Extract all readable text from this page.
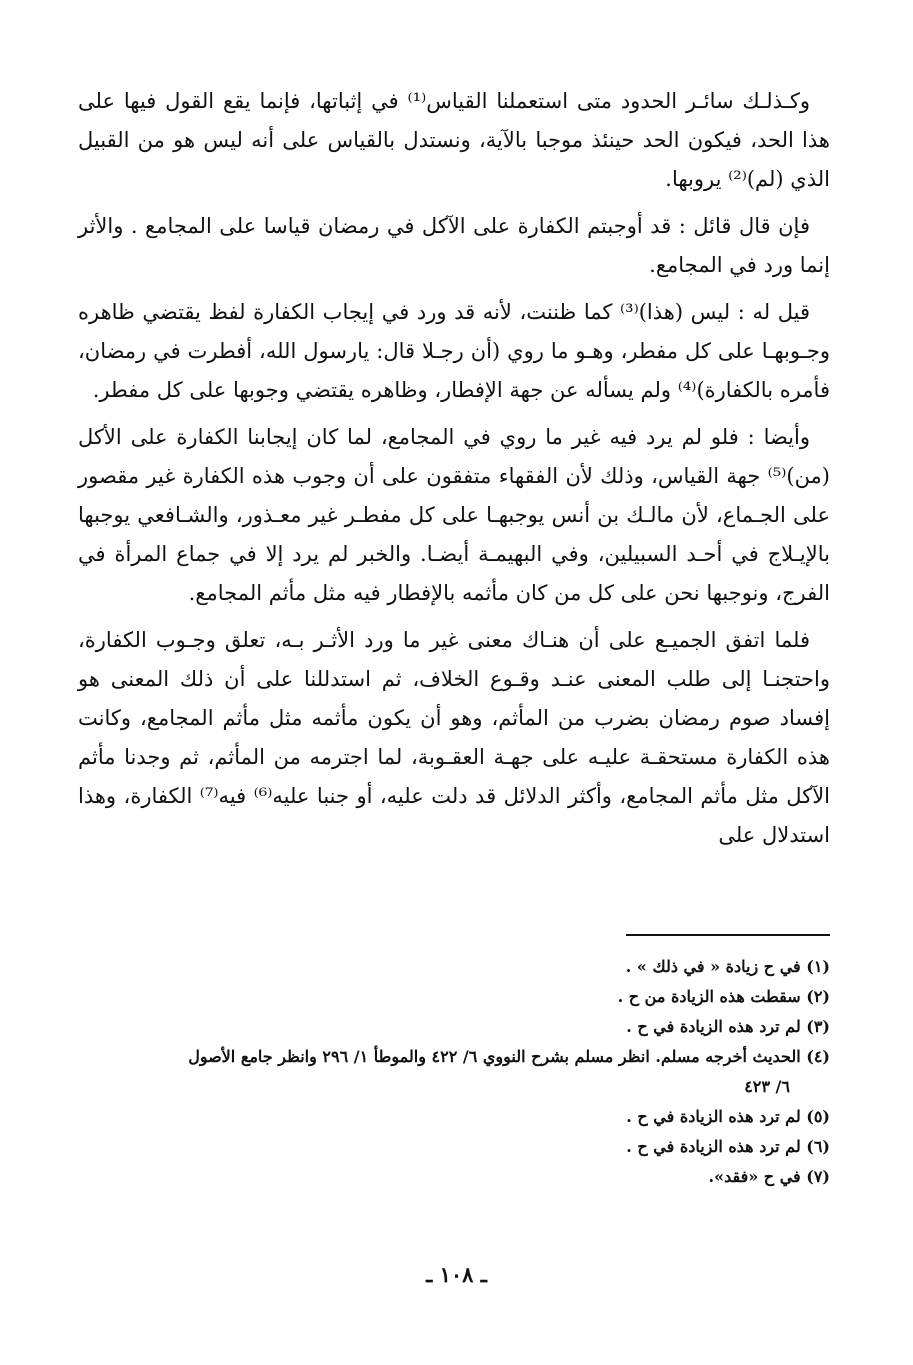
وكـذلـك سائـر الحدود متى استعملنا القياس⁽¹⁾ في إثباتها، فإنما يقع القول فيها على هذا الحد، فيكون الحد حينئذ موجبا بالآية، ونستدل بالقياس على أنه ليس هو من القبيل الذي (لم)⁽²⁾ يروبها.

فإن قال قائل : قد أوجبتم الكفارة على الآكل في رمضان قياسا على المجامع . والأثر إنما ورد في المجامع.

قيل له : ليس (هذا)⁽³⁾ كما ظننت، لأنه قد ورد في إيجاب الكفارة لفظ يقتضي ظاهره وجـوبهـا على كل مفطر، وهـو ما روي (أن رجـلا قال: يارسول الله، أفطرت في رمضان، فأمره بالكفارة)⁽⁴⁾ ولم يسأله عن جهة الإفطار، وظاهره يقتضي وجوبها على كل مفطر.

وأيضا : فلو لم يرد فيه غير ما روي في المجامع، لما كان إيجابنا الكفارة على الأكل (من)⁽⁵⁾ جهة القياس، وذلك لأن الفقهاء متفقون على أن وجوب هذه الكفارة غير مقصور على الجـماع، لأن مالـك بن أنس يوجبهـا على كل مفطـر غير معـذور، والشـافعي يوجبها بالإيـلاج في أحـد السبيلين، وفي البهيمـة أيضـا. والخبر لم يرد إلا في جماع المرأة في الفرج، ونوجبها نحن على كل من كان مأثمه بالإفطار فيه مثل مأثم المجامع.

فلما اتفق الجميـع على أن هنـاك معنى غير ما ورد الأثـر بـه، تعلق وجـوب الكفارة، واحتجنـا إلى طلب المعنى عنـد وقـوع الخلاف، ثم استدللنا على أن ذلك المعنى هو إفساد صوم رمضان بضرب من المأثم، وهو أن يكون مأثمه مثل مأثم المجامع، وكانت هذه الكفارة مستحقـة عليـه على جهـة العقـوبة، لما اجترمه من المأثم، ثم وجدنا مأثم الآكل مثل مأثم المجامع، وأكثر الدلائل قد دلت عليه، أو جنبا عليه⁽⁶⁾ فيه⁽⁷⁾ الكفارة، وهذا استدلال على

(١) في ح زيادة « في ذلك » .

(٢) سقطت هذه الزيادة من ح .

(٣) لم ترد هذه الزيادة في ح .

(٤) الحديث أخرجه مسلم. انظر مسلم بشرح النووي ٦/ ٤٢٢ والموطأ ١/ ٢٩٦ وانظر جامع الأصول

٦/ ٤٢٣

(٥) لم ترد هذه الزيادة في ح .

(٦) لم ترد هذه الزيادة في ح .

(٧) في ح «فقد».

ـ ١٠٨ ـ
